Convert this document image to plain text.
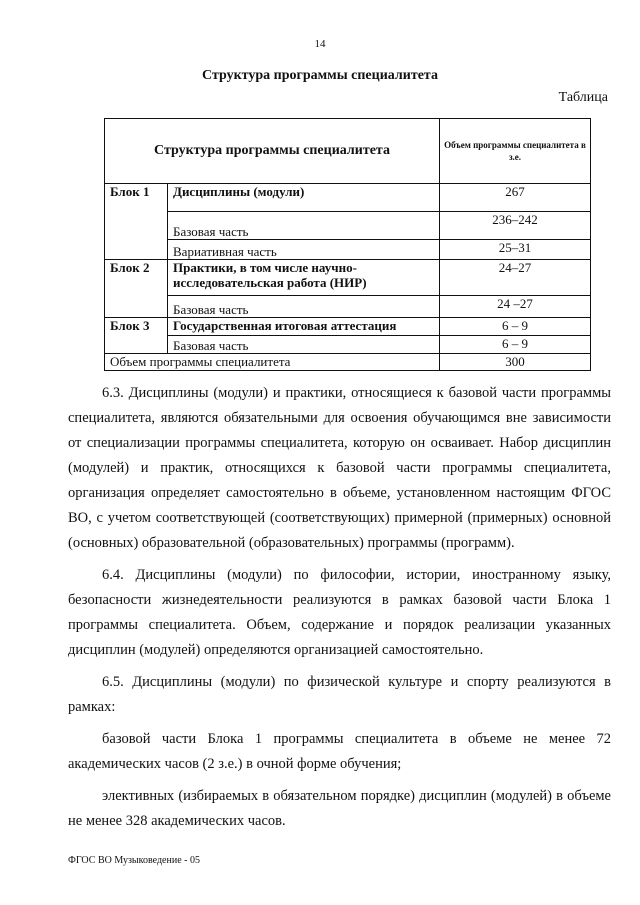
14
Структура программы специалитета
Таблица
Структура программы специалитета		Объем программы специалитета в з.е.
Блок 1	Дисциплины (модули)	267
	Базовая часть	236–242
	Вариативная часть	25–31
Блок 2	Практики, в том числе научно-исследовательская работа (НИР)	24–27
	Базовая часть	24 –27
Блок 3	Государственная итоговая аттестация	6 – 9
	Базовая часть	6 – 9
Объем программы специалитета		300

6.3. Дисциплины (модули) и практики, относящиеся к базовой части программы специалитета, являются обязательными для освоения обучающимся вне зависимости от специализации программы специалитета, которую он осваивает. Набор дисциплин (модулей) и практик, относящихся к базовой части программы специалитета, организация определяет самостоятельно в объеме, установленном настоящим ФГОС ВО, с учетом соответствующей (соответствующих) примерной (примерных) основной (основных) образовательной (образовательных) программы (программ).

6.4. Дисциплины (модули) по философии, истории, иностранному языку, безопасности жизнедеятельности реализуются в рамках базовой части Блока 1 программы специалитета. Объем, содержание и порядок реализации указанных дисциплин (модулей) определяются организацией самостоятельно.

6.5. Дисциплины (модули) по физической культуре и спорту реализуются в рамках:

базовой части Блока 1 программы специалитета в объеме не менее 72 академических часов (2 з.е.) в очной форме обучения;

элективных (избираемых в обязательном порядке) дисциплин (модулей) в объеме не менее 328 академических часов.

ФГОС ВО Музыковедение - 05
